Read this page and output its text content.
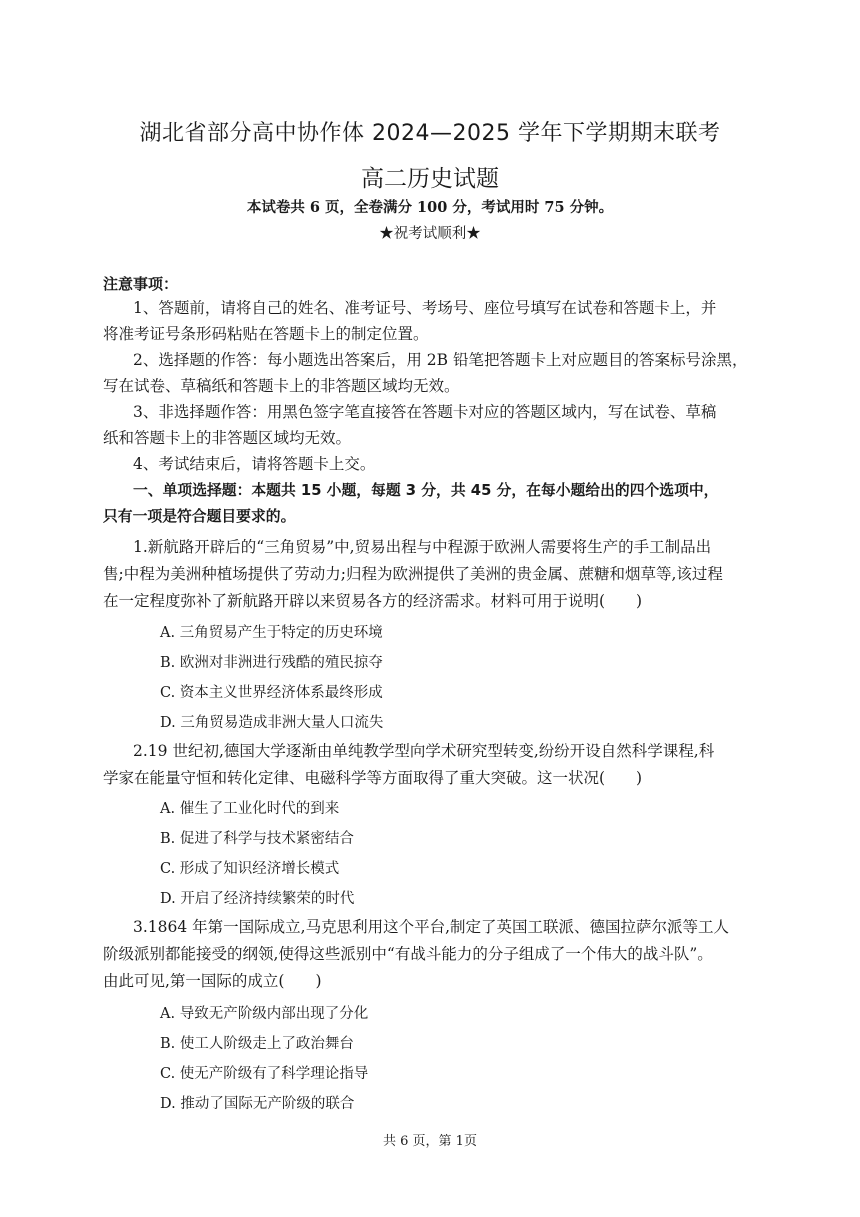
湖北省部分高中协作体 2024—2025 学年下学期期末联考
高二历史试题
本试卷共 6 页，全卷满分 100 分，考试用时 75 分钟。
★祝考试顺利★
注意事项：
1、答题前，请将自己的姓名、准考证号、考场号、座位号填写在试卷和答题卡上，并
将准考证号条形码粘贴在答题卡上的制定位置。
2、选择题的作答：每小题选出答案后，用 2B 铅笔把答题卡上对应题目的答案标号涂黑，
写在试卷、草稿纸和答题卡上的非答题区域均无效。
3、非选择题作答：用黑色签字笔直接答在答题卡对应的答题区域内，写在试卷、草稿
纸和答题卡上的非答题区域均无效。
4、考试结束后，请将答题卡上交。
一、单项选择题：本题共 15 小题，每题 3 分，共 45 分，在每小题给出的四个选项中，
只有一项是符合题目要求的。
1.新航路开辟后的“三角贸易”中,贸易出程与中程源于欧洲人需要将生产的手工制品出
售;中程为美洲种植场提供了劳动力;归程为欧洲提供了美洲的贵金属、蔗糖和烟草等,该过程
在一定程度弥补了新航路开辟以来贸易各方的经济需求。材料可用于说明(　　)
A. 三角贸易产生于特定的历史环境
B. 欧洲对非洲进行残酷的殖民掠夺
C. 资本主义世界经济体系最终形成
D. 三角贸易造成非洲大量人口流失
2.19 世纪初,德国大学逐渐由单纯教学型向学术研究型转变,纷纷开设自然科学课程,科
学家在能量守恒和转化定律、电磁科学等方面取得了重大突破。这一状况(　　)
A. 催生了工业化时代的到来
B. 促进了科学与技术紧密结合
C. 形成了知识经济增长模式
D. 开启了经济持续繁荣的时代
3.1864 年第一国际成立,马克思利用这个平台,制定了英国工联派、德国拉萨尔派等工人
阶级派别都能接受的纲领,使得这些派别中“有战斗能力的分子组成了一个伟大的战斗队”。
由此可见,第一国际的成立(　　)
A. 导致无产阶级内部出现了分化
B. 使工人阶级走上了政治舞台
C. 使无产阶级有了科学理论指导
D. 推动了国际无产阶级的联合
共 6 页，第 1页
